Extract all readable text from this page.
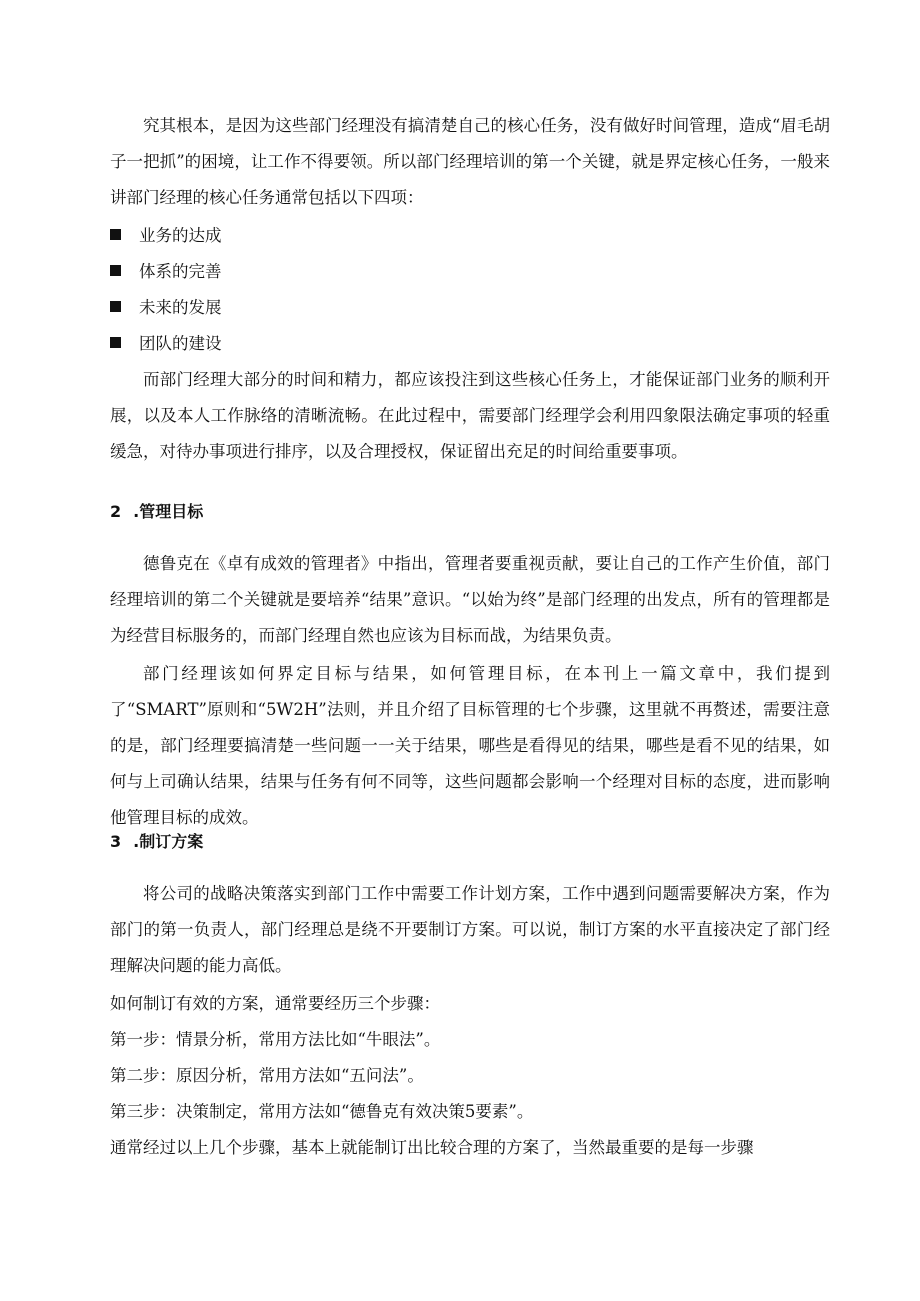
究其根本，是因为这些部门经理没有搞清楚自己的核心任务，没有做好时间管理，造成“眉毛胡子一把抓”的困境，让工作不得要领。所以部门经理培训的第一个关键，就是界定核心任务，一般来讲部门经理的核心任务通常包括以下四项：

业务的达成

体系的完善

未来的发展

团队的建设

而部门经理大部分的时间和精力，都应该投注到这些核心任务上，才能保证部门业务的顺利开展，以及本人工作脉络的清晰流畅。在此过程中，需要部门经理学会利用四象限法确定事项的轻重缓急，对待办事项进行排序，以及合理授权，保证留出充足的时间给重要事项。

2 .管理目标

德鲁克在《卓有成效的管理者》中指出，管理者要重视贡献，要让自己的工作产生价值，部门经理培训的第二个关键就是要培养“结果”意识。“以始为终”是部门经理的出发点，所有的管理都是为经营目标服务的，而部门经理自然也应该为目标而战，为结果负责。

部门经理该如何界定目标与结果，如何管理目标，在本刊上一篇文章中，我们提到了“SMART”原则和“5W2H”法则，并且介绍了目标管理的七个步骤，这里就不再赘述，需要注意的是，部门经理要搞清楚一些问题一一关于结果，哪些是看得见的结果，哪些是看不见的结果，如何与上司确认结果，结果与任务有何不同等，这些问题都会影响一个经理对目标的态度，进而影响他管理目标的成效。

3 .制订方案

将公司的战略决策落实到部门工作中需要工作计划方案，工作中遇到问题需要解决方案，作为部门的第一负责人，部门经理总是绕不开要制订方案。可以说，制订方案的水平直接决定了部门经理解决问题的能力高低。

如何制订有效的方案，通常要经历三个步骤：

第一步：情景分析，常用方法比如“牛眼法”。

第二步：原因分析，常用方法如“五问法”。

第三步：决策制定，常用方法如“德鲁克有效决策5要素”。

通常经过以上几个步骤，基本上就能制订出比较合理的方案了，当然最重要的是每一步骤
